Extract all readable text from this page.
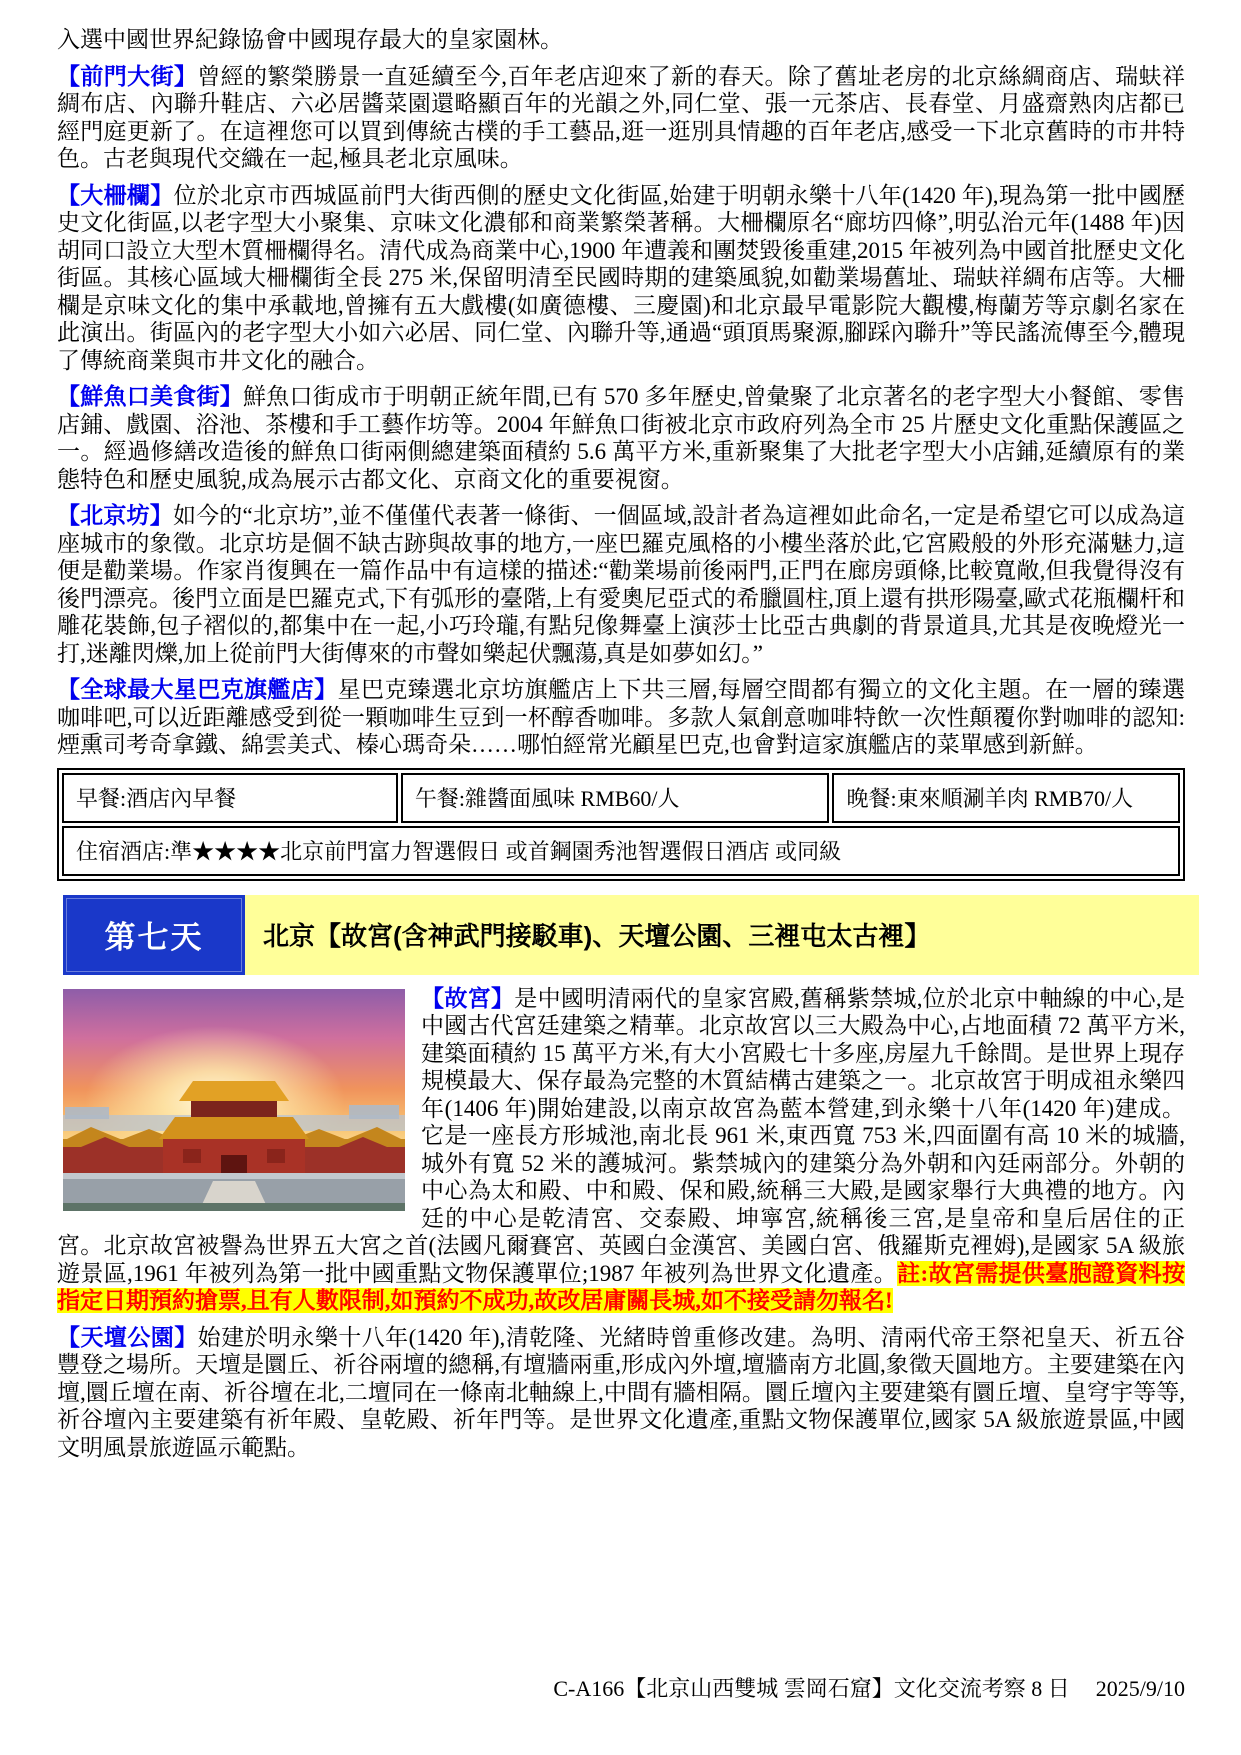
入選中國世界紀錄協會中國現存最大的皇家園林。

【前門大街】曾經的繁榮勝景一直延續至今,百年老店迎來了新的春天。除了舊址老房的北京絲綢商店、瑞蚨祥綢布店、內聯升鞋店、六必居醬菜園還略顯百年的光韻之外,同仁堂、張一元茶店、長春堂、月盛齋熟肉店都已經門庭更新了。在這裡您可以買到傳統古樸的手工藝品,逛一逛別具情趣的百年老店,感受一下北京舊時的市井特色。古老與現代交織在一起,極具老北京風味。

【大柵欄】位於北京市西城區前門大街西側的歷史文化街區,始建于明朝永樂十八年(1420 年),現為第一批中國歷史文化街區,以老字型大小聚集、京味文化濃郁和商業繁榮著稱。大柵欄原名“廊坊四條”,明弘治元年(1488 年)因胡同口設立大型木質柵欄得名。清代成為商業中心,1900 年遭義和團焚毀後重建,2015 年被列為中國首批歷史文化街區。其核心區域大柵欄街全長 275 米,保留明清至民國時期的建築風貌,如勸業場舊址、瑞蚨祥綢布店等。大柵欄是京味文化的集中承載地,曾擁有五大戲樓(如廣德樓、三慶園)和北京最早電影院大觀樓,梅蘭芳等京劇名家在此演出。街區內的老字型大小如六必居、同仁堂、內聯升等,通過“頭頂馬聚源,腳踩內聯升”等民謠流傳至今,體現了傳統商業與市井文化的融合。

【鮮魚口美食街】鮮魚口街成市于明朝正統年間,已有 570 多年歷史,曾彙聚了北京著名的老字型大小餐館、零售店鋪、戲園、浴池、茶樓和手工藝作坊等。2004 年鮮魚口街被北京市政府列為全市 25 片歷史文化重點保護區之一。經過修繕改造後的鮮魚口街兩側總建築面積約 5.6 萬平方米,重新聚集了大批老字型大小店鋪,延續原有的業態特色和歷史風貌,成為展示古都文化、京商文化的重要視窗。

【北京坊】如今的“北京坊”,並不僅僅代表著一條街、一個區域,設計者為這裡如此命名,一定是希望它可以成為這座城市的象徵。北京坊是個不缺古跡與故事的地方,一座巴羅克風格的小樓坐落於此,它宮殿般的外形充滿魅力,這便是勸業場。作家肖復興在一篇作品中有這樣的描述:“勸業場前後兩門,正門在廊房頭條,比較寬敞,但我覺得沒有後門漂亮。後門立面是巴羅克式,下有弧形的臺階,上有愛奧尼亞式的希臘圓柱,頂上還有拱形陽臺,歐式花瓶欄杆和雕花裝飾,包子褶似的,都集中在一起,小巧玲瓏,有點兒像舞臺上演莎士比亞古典劇的背景道具,尤其是夜晚燈光一打,迷離閃爍,加上從前門大街傳來的市聲如樂起伏飄蕩,真是如夢如幻。”

【全球最大星巴克旗艦店】星巴克臻選北京坊旗艦店上下共三層,每層空間都有獨立的文化主題。在一層的臻選咖啡吧,可以近距離感受到從一顆咖啡生豆到一杯醇香咖啡。多款人氣創意咖啡特飲一次性顛覆你對咖啡的認知:煙熏司考奇拿鐵、綿雲美式、榛心瑪奇朵……哪怕經常光顧星巴克,也會對這家旗艦店的菜單感到新鮮。

早餐:酒店內早餐	午餐:雜醬面風味 RMB60/人	晚餐:東來順涮羊肉 RMB70/人
住宿酒店:準★★★★北京前門富力智選假日 或首鋼園秀池智選假日酒店 或同級
第七天	北京【故宮(含神武門接駁車)、天壇公園、三裡屯太古裡】

【故宮】是中國明清兩代的皇家宮殿,舊稱紫禁城,位於北京中軸線的中心,是中國古代宮廷建築之精華。北京故宮以三大殿為中心,占地面積 72 萬平方米,建築面積約 15 萬平方米,有大小宮殿七十多座,房屋九千餘間。是世界上現存規模最大、保存最為完整的木質結構古建築之一。北京故宮于明成祖永樂四年(1406 年)開始建設,以南京故宮為藍本營建,到永樂十八年(1420 年)建成。它是一座長方形城池,南北長 961 米,東西寬 753 米,四面圍有高 10 米的城牆,城外有寬 52 米的護城河。紫禁城內的建築分為外朝和內廷兩部分。外朝的中心為太和殿、中和殿、保和殿,統稱三大殿,是國家舉行大典禮的地方。內廷的中心是乾清宮、交泰殿、坤寧宮,統稱後三宮,是皇帝和皇后居住的正宮。北京故宮被譽為世界五大宮之首(法國凡爾賽宮、英國白金漢宮、美國白宮、俄羅斯克裡姆),是國家 5A 級旅遊景區,1961 年被列為第一批中國重點文物保護單位;1987 年被列為世界文化遺產。註:故宮需提供臺胞證資料按指定日期預約搶票,且有人數限制,如預約不成功,故改居庸關長城,如不接受請勿報名!

【天壇公園】始建於明永樂十八年(1420 年),清乾隆、光緒時曾重修改建。為明、清兩代帝王祭祀皇天、祈五谷豐登之場所。天壇是圜丘、祈谷兩壇的總稱,有壇牆兩重,形成內外壇,壇牆南方北圓,象徵天圓地方。主要建築在內壇,圜丘壇在南、祈谷壇在北,二壇同在一條南北軸線上,中間有牆相隔。圜丘壇內主要建築有圜丘壇、皇穹宇等等,祈谷壇內主要建築有祈年殿、皇乾殿、祈年門等。是世界文化遺產,重點文物保護單位,國家 5A 級旅遊景區,中國文明風景旅遊區示範點。

C-A166【北京山西雙城 雲岡石窟】文化交流考察 8 日 2025/9/10
